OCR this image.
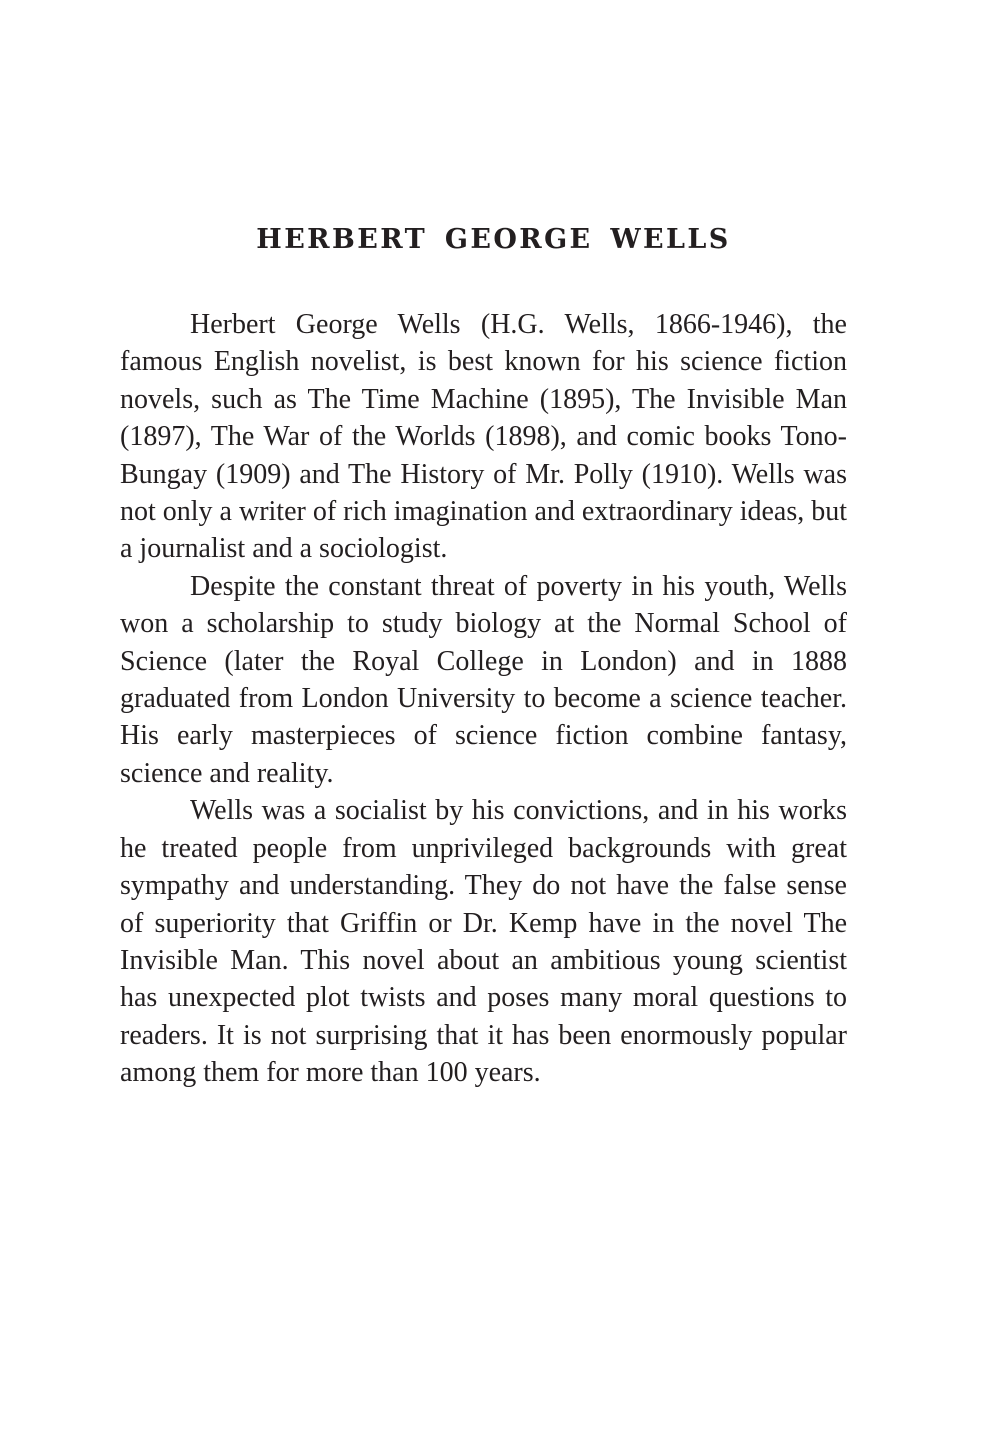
HERBERT GEORGE WELLS

Herbert George Wells (H.G. Wells, 1866-1946), the famous English novelist, is best known for his science fiction novels, such as The Time Machine (1895), The Invisible Man (1897), The War of the Worlds (1898), and comic books Tono-Bungay (1909) and The History of Mr. Polly (1910). Wells was not only a writer of rich imagination and extraordinary ideas, but a journalist and a sociologist.

Despite the constant threat of poverty in his youth, Wells won a scholarship to study biology at the Normal School of Science (later the Royal College in London) and in 1888 graduated from London University to become a science teacher. His early masterpieces of science fiction combine fantasy, science and reality.

Wells was a socialist by his convictions, and in his works he treated people from unprivileged backgrounds with great sympathy and understanding. They do not have the false sense of superiority that Griffin or Dr. Kemp have in the novel The Invisible Man. This novel about an ambitious young scientist has unexpected plot twists and poses many moral questions to readers. It is not surprising that it has been enormously popular among them for more than 100 years.
